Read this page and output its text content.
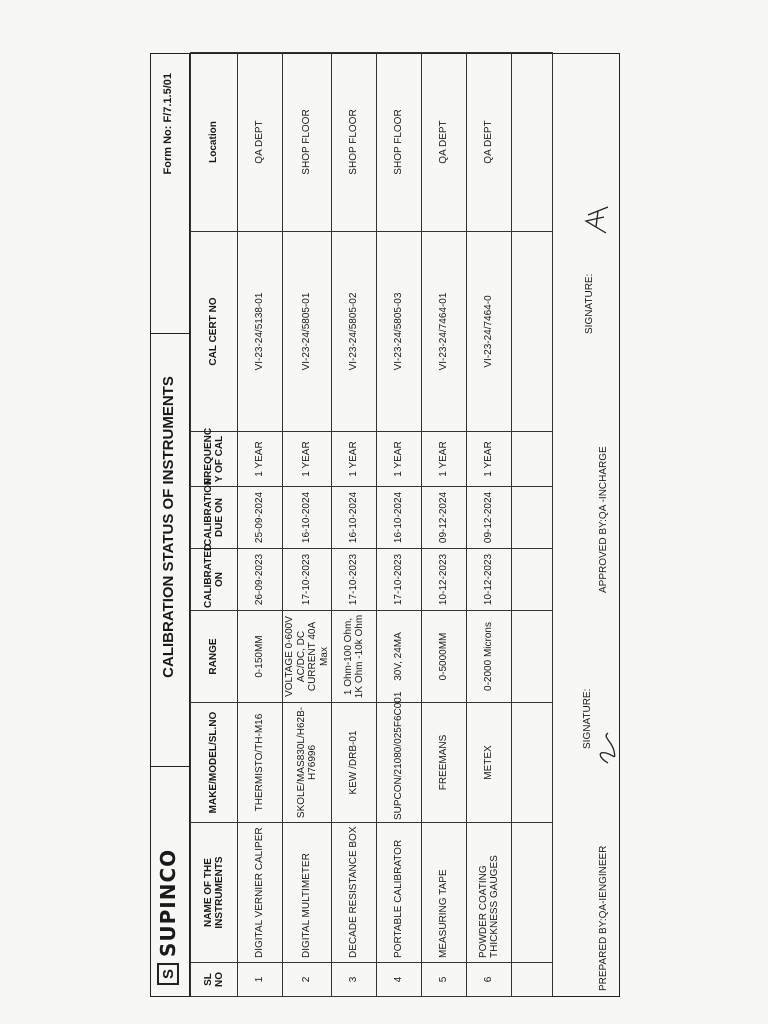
S
SUPINCO
CALIBRATION STATUS OF INSTRUMENTS
Form No: F/7.1.5/01
SL NO	NAME OF THE INSTRUMENTS	MAKE/MODEL/SL.NO	RANGE	CALIBRATED ON	CALIBRATION DUE ON	FREQUENC Y OF CAL	CAL CERT NO	Location
1	DIGITAL VERNIER CALIPER	THERMISTO/TH-M16	0-150MM	26-09-2023	25-09-2024	1 YEAR	VI-23-24/5138-01	QA DEPT
2	DIGITAL MULTIMETER	SKOLE/MAS830L/H62B-H76996	VOLTAGE 0-600V AC/DC, DC CURRENT 40A Max	17-10-2023	16-10-2024	1 YEAR	VI-23-24/5805-01	SHOP FLOOR
3	DECADE RESISTANCE BOX	KEW /DRB-01	1 Ohm-100 Ohm, 1K Ohm -10k Ohm	17-10-2023	16-10-2024	1 YEAR	VI-23-24/5805-02	SHOP FLOOR
4	PORTABLE CALIBRATOR	SUPCON/21080/025F6C001	30V, 24MA	17-10-2023	16-10-2024	1 YEAR	VI-23-24/5805-03	SHOP FLOOR
5	MEASURING TAPE	FREEMANS	0-5000MM	10-12-2023	09-12-2024	1 YEAR	VI-23-24/7464-01	QA DEPT
6	POWDER COATING THICKNESS GAUGES	METEX	0-2000 Microns	10-12-2023	09-12-2024	1 YEAR	VI-23-24/7464-0	QA DEPT

PREPARED BY:QA-IENGINEER
SIGNATURE:
APPROVED BY:QA -INCHARGE
SIGNATURE:
